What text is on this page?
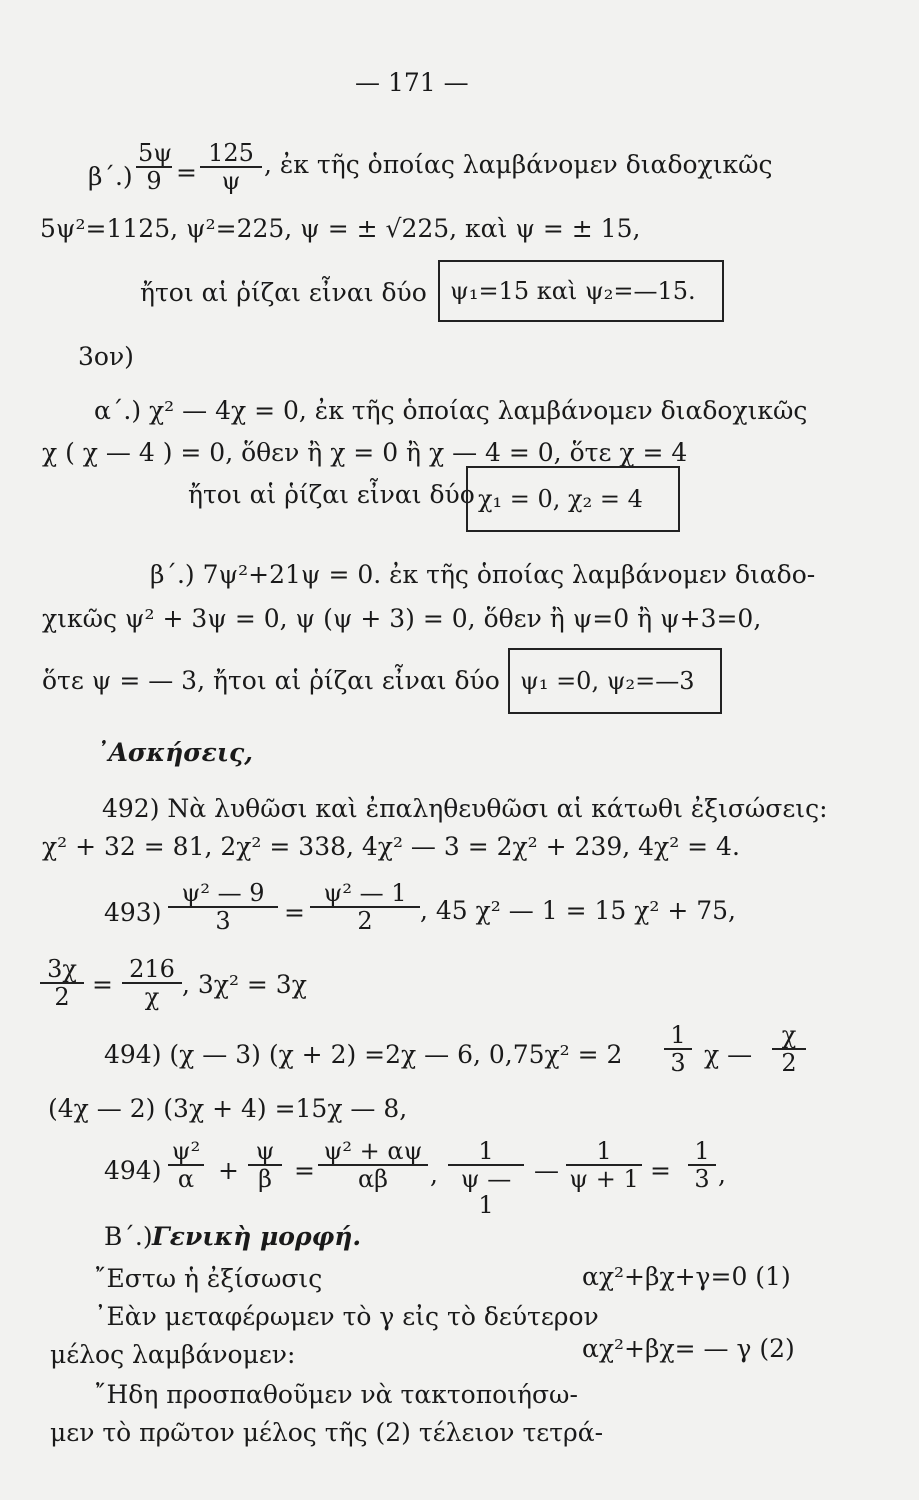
— 171 —
$\beta΄.) \frac{5\psi}{9} = \frac{125}{\psi}$ , ἐκ τῆς ὁποίας λαμβάνομεν διαδοχικῶς
5ψ²=1125, ψ²=225, ψ = ± √225, καὶ ψ = ± 15,
ἤτοι αἱ ῥίζαι εἶναι δύο ψ₁=15 καὶ ψ₂=—15.
3ον)
α΄.) χ² — 4χ = 0, ἐκ τῆς ὁποίας λαμβάνομεν διαδοχικῶς
χ ( χ — 4 ) = 0, ὅθεν ἢ χ = 0 ἢ χ — 4 = 0, ὅτε χ = 4
ἤτοι αἱ ῥίζαι εἶναι δύο χ₁ = 0, χ₂ = 4
β΄.) 7ψ²+21ψ = 0. ἐκ τῆς ὁποίας λαμβάνομεν διαδο-
χικῶς ψ² + 3ψ = 0, ψ (ψ + 3) = 0, ὅθεν ἢ ψ=0 ἢ ψ+3=0,
ὅτε ψ = — 3, ἤτοι αἱ ῥίζαι εἶναι δύο ψ₁ =0, ψ₂=—3
᾿Ασκήσεις,
492) Νὰ λυθῶσι καὶ ἐπαληθευθῶσι αἱ κάτωθι ἐξισώσεις:
χ² + 32 = 81, 2χ² = 338, 4χ² — 3 = 2χ² + 239, 4χ² = 4.
$493) \frac{\text{ψ² — 9}}{3} = \frac{\text{ψ² — 1}}{2}$ , 45 χ² — 1 = 15 χ² + 75,
$\frac{3\chi}{2} = \frac{216}{\chi}$ , 3χ² = 3χ
494) (χ — 3) (χ + 2) =2χ — 6, $0,75\chi^2 = 2 \frac{1}{3}$ χ — $\frac{\chi}{2}$
(4χ — 2) (3χ + 4) =15χ — 8,
$494) \frac{\text{ψ²}}{\alpha} + \frac{\psi}{\beta} = \frac{\text{ψ² + αψ}}{\alpha\beta}$ , $\frac{1}{\psi — 1}$ — $\frac{1}{\psi + 1} = \frac{1}{3}$ ,
Β΄.) Γενικὴ μορφή.
῎Εστω ἡ ἐξίσωσις	αχ²+βχ+γ=0 (1)
᾿Εὰν μεταφέρωμεν τὸ γ εἰς τὸ δεύτερον
μέλος λαμβάνομεν:	αχ²+βχ= — γ (2)
῎Ηδη προσπαθοῦμεν νὰ τακτοποιήσω-
μεν τὸ πρῶτον μέλος τῆς (2) τέλειον τετρά-
